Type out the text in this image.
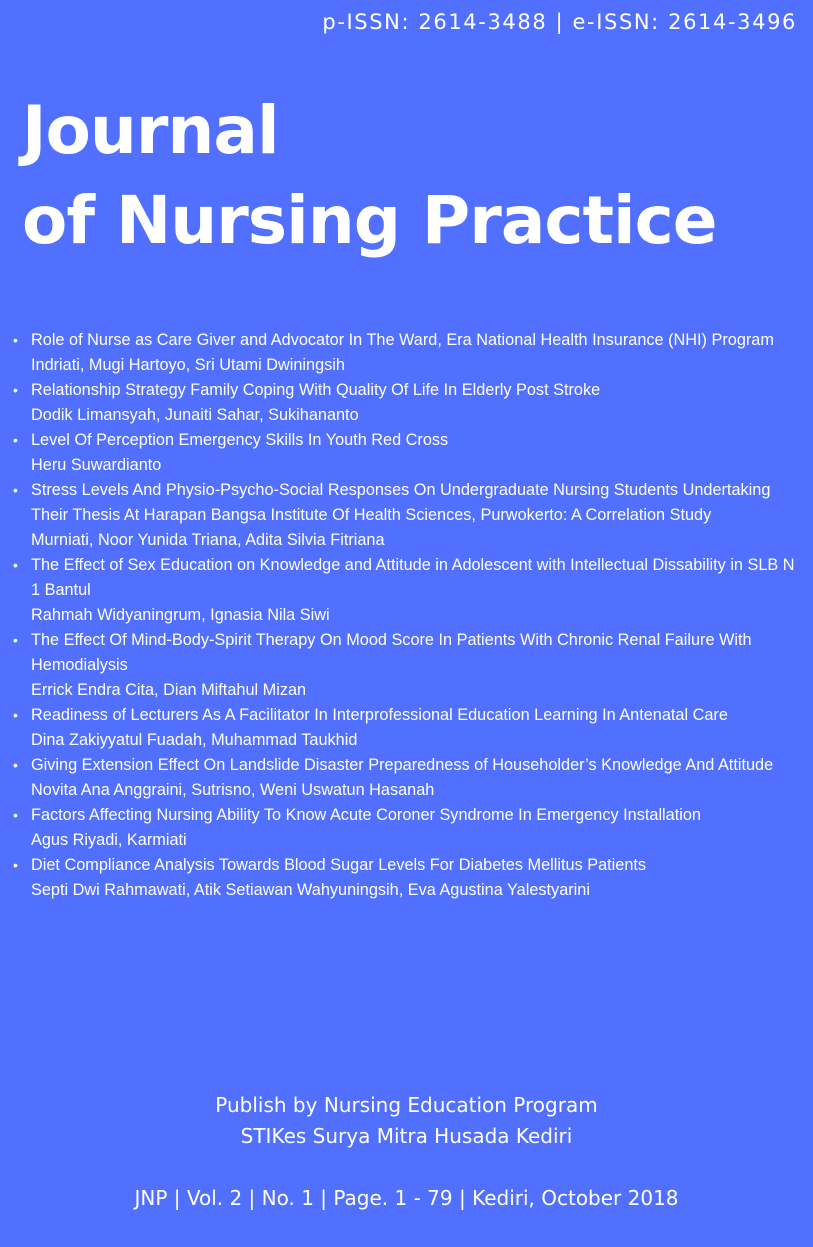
p-ISSN: 2614-3488 | e-ISSN: 2614-3496
Journal
of Nursing Practice
• Role of Nurse as Care Giver and Advocator In The Ward, Era National Health Insurance (NHI) Program
Indriati, Mugi Hartoyo, Sri Utami Dwiningsih
• Relationship Strategy Family Coping With Quality Of Life In Elderly Post Stroke
Dodik Limansyah, Junaiti Sahar, Sukihananto
• Level Of Perception Emergency Skills In Youth Red Cross
Heru Suwardianto
• Stress Levels And Physio-Psycho-Social Responses On Undergraduate Nursing Students Undertaking Their Thesis At Harapan Bangsa Institute Of Health Sciences, Purwokerto: A Correlation Study
Murniati, Noor Yunida Triana, Adita Silvia Fitriana
• The Effect of Sex Education on Knowledge and Attitude in Adolescent with Intellectual Dissability in SLB N 1 Bantul
Rahmah Widyaningrum, Ignasia Nila Siwi
• The Effect Of Mind-Body-Spirit Therapy On Mood Score In Patients With Chronic Renal Failure With Hemodialysis
Errick Endra Cita, Dian Miftahul Mizan
• Readiness of Lecturers As A Facilitator In Interprofessional Education Learning In Antenatal Care
Dina Zakiyyatul Fuadah, Muhammad Taukhid
• Giving Extension Effect On Landslide Disaster Preparedness of Householder’s Knowledge And Attitude
Novita Ana Anggraini, Sutrisno, Weni Uswatun Hasanah
• Factors Affecting Nursing Ability To Know Acute Coroner Syndrome In Emergency Installation
Agus Riyadi, Karmiati
• Diet Compliance Analysis Towards Blood Sugar Levels For Diabetes Mellitus Patients
Septi Dwi Rahmawati, Atik Setiawan Wahyuningsih, Eva Agustina Yalestyarini
Publish by Nursing Education Program
STIKes Surya Mitra Husada Kediri
JNP | Vol. 2 | No. 1 | Page. 1 - 79 | Kediri, October 2018
